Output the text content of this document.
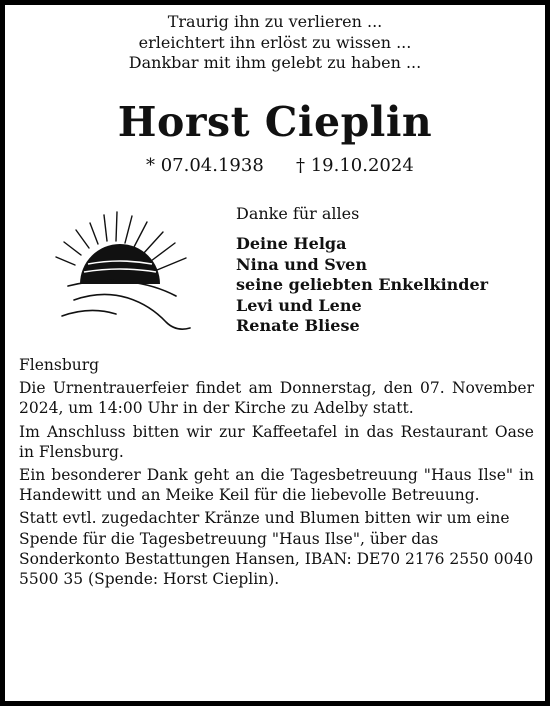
Traurig ihn zu verlieren ...
erleichtert ihn erlöst zu wissen ...
Dankbar mit ihm gelebt zu haben ...
Horst Cieplin
* 07.04.1938 † 19.10.2024
Danke für alles
Deine Helga
Nina und Sven
seine geliebten Enkelkinder
Levi und Lene
Renate Bliese

Flensburg

Die Urnentrauerfeier findet am Donnerstag, den 07. November 2024, um 14:00 Uhr in der Kirche zu Adelby statt.

Im Anschluss bitten wir zur Kaffeetafel in das Restaurant Oase in Flensburg.

Ein besonderer Dank geht an die Tagesbetreuung "Haus Ilse" in Handewitt und an Meike Keil für die liebevolle Betreuung.

Statt evtl. zugedachter Kränze und Blumen bitten wir um eine Spende für die Tagesbetreuung "Haus Ilse", über das Sonderkonto Bestattungen Hansen, IBAN: DE70 2176 2550 0040 5500 35 (Spende: Horst Cieplin).
